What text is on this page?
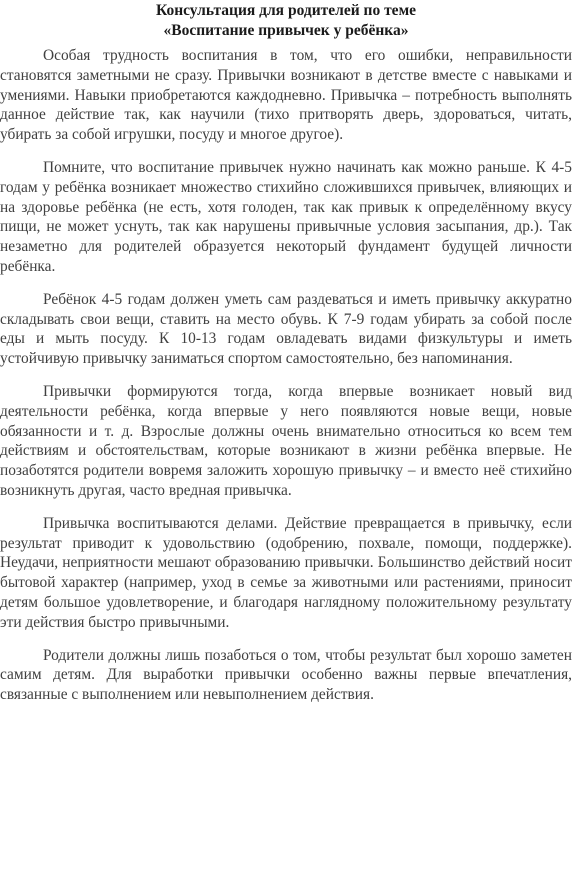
Консультация для родителей по теме
«Воспитание привычек у ребёнка»

Особая трудность воспитания в том, что его ошибки, неправильности становятся заметными не сразу. Привычки возникают в детстве вместе с навыками и умениями. Навыки приобретаются каждодневно. Привычка – потребность выполнять данное действие так, как научили (тихо притворять дверь, здороваться, читать, убирать за собой игрушки, посуду и многое другое).

Помните, что воспитание привычек нужно начинать как можно раньше. К 4-5 годам у ребёнка возникает множество стихийно сложившихся привычек, влияющих и на здоровье ребёнка (не есть, хотя голоден, так как привык к определённому вкусу пищи, не может уснуть, так как нарушены привычные условия засыпания, др.). Так незаметно для родителей образуется некоторый фундамент будущей личности ребёнка.

Ребёнок 4-5 годам должен уметь сам раздеваться и иметь привычку аккуратно складывать свои вещи, ставить на место обувь. К 7-9 годам убирать за собой после еды и мыть посуду. К 10-13 годам овладевать видами физкультуры и иметь устойчивую привычку заниматься спортом самостоятельно, без напоминания.

Привычки формируются тогда, когда впервые возникает новый вид деятельности ребёнка, когда впервые у него появляются новые вещи, новые обязанности и т. д. Взрослые должны очень внимательно относиться ко всем тем действиям и обстоятельствам, которые возникают в жизни ребёнка впервые. Не позаботятся родители вовремя заложить хорошую привычку – и вместо неё стихийно возникнуть другая, часто вредная привычка.

Привычка воспитываются делами. Действие превращается в привычку, если результат приводит к удовольствию (одобрению, похвале, помощи, поддержке). Неудачи, неприятности мешают образованию привычки. Большинство действий носит бытовой характер (например, уход в семье за животными или растениями, приносит детям большое удовлетворение, и благодаря наглядному положительному результату эти действия быстро привычными.

Родители должны лишь позаботься о том, чтобы результат был хорошо заметен самим детям. Для выработки привычки особенно важны первые впечатления, связанные с выполнением или невыполнением действия.
